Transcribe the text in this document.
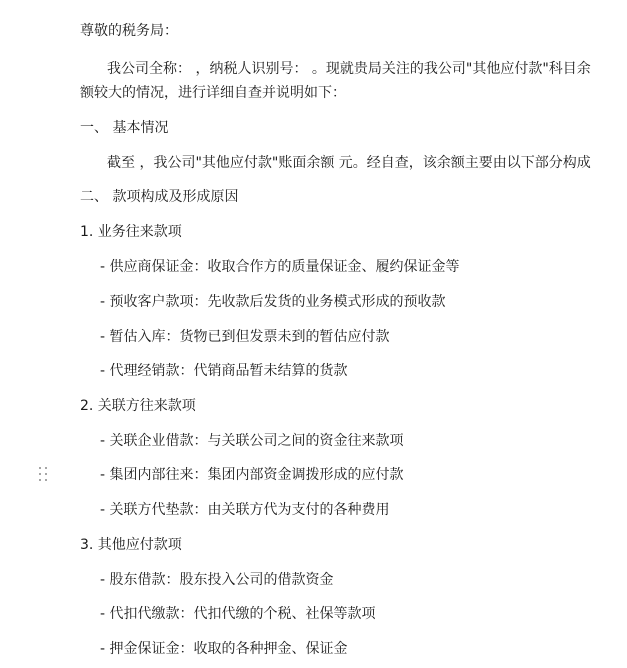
尊敬的税务局：
我公司全称： ，纳税人识别号： 。现就贵局关注的我公司"其他应付款"科目余
额较大的情况，进行详细自查并说明如下：
一、 基本情况
截至 ，我公司"其他应付款"账面余额 元。经自查，该余额主要由以下部分构成
二、 款项构成及形成原因
1. 业务往来款项
- 供应商保证金：收取合作方的质量保证金、履约保证金等
- 预收客户款项：先收款后发货的业务模式形成的预收款
- 暂估入库：货物已到但发票未到的暂估应付款
- 代理经销款：代销商品暂未结算的货款
2. 关联方往来款项
- 关联企业借款：与关联公司之间的资金往来款项
- 集团内部往来：集团内部资金调拨形成的应付款
- 关联方代垫款：由关联方代为支付的各种费用
3. 其他应付款项
- 股东借款：股东投入公司的借款资金
- 代扣代缴款：代扣代缴的个税、社保等款项
- 押金保证金：收取的各种押金、保证金
